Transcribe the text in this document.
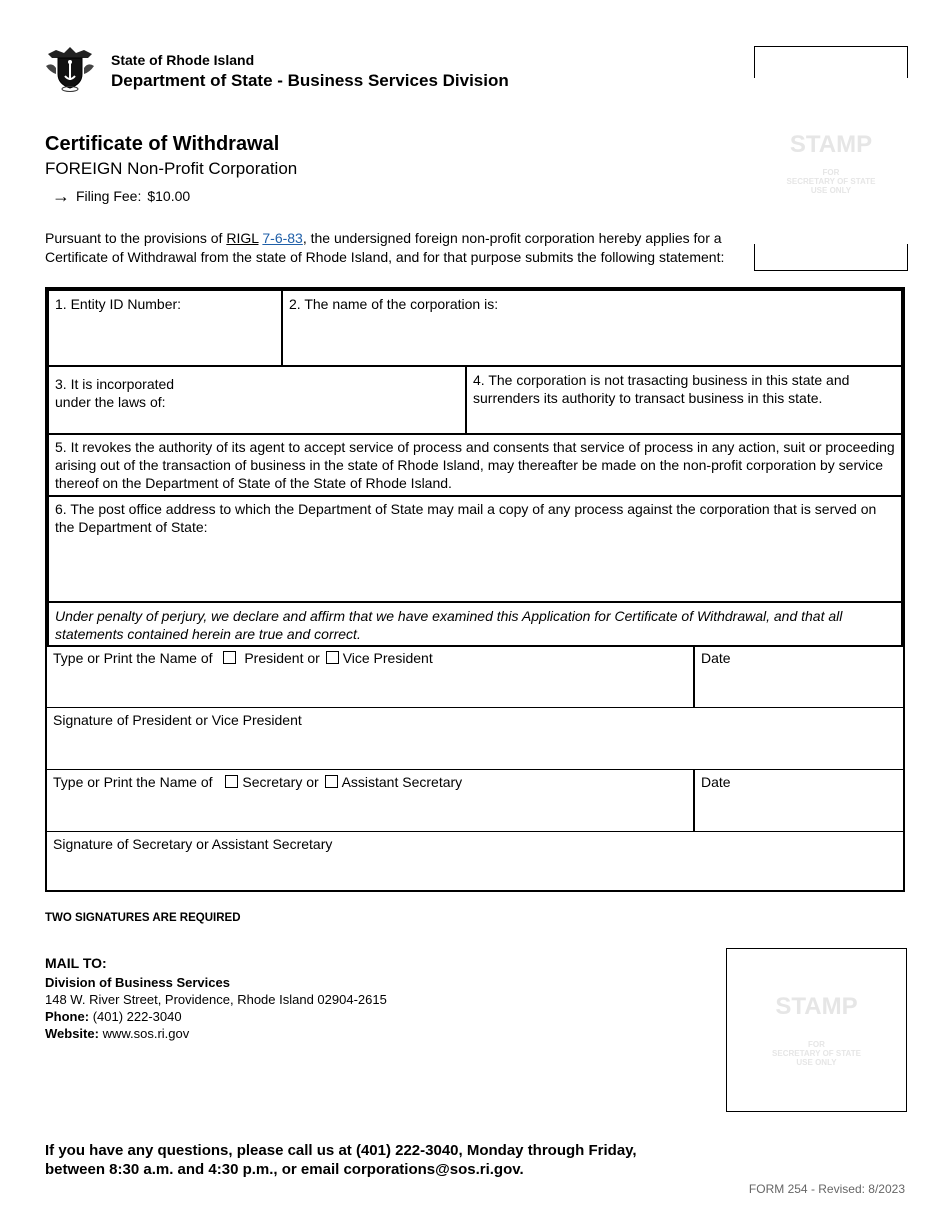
State of Rhode Island
Department of State - Business Services Division
STAMP
FOR
SECRETARY OF STATE
USE ONLY
Certificate of Withdrawal
FOREIGN Non-Profit Corporation
→ Filing Fee: $10.00
Pursuant to the provisions of RIGL 7-6-83, the undersigned foreign non-profit corporation hereby applies for a Certificate of Withdrawal from the state of Rhode Island, and for that purpose submits the following statement:
1. Entity ID Number:	2. The name of the corporation is:
3. It is incorporated
under the laws of:
4. The corporation is not trasacting business in this state and surrenders its authority to transact business in this state.
5. It revokes the authority of its agent to accept service of process and consents that service of process in any action, suit or proceeding arising out of the transaction of business in the state of Rhode Island, may thereafter be made on the non-profit corporation by service thereof on the Department of State of the State of Rhode Island.
6. The post office address to which the Department of State may mail a copy of any process against the corporation that is served on the Department of State:
Under penalty of perjury, we declare and affirm that we have examined this Application for Certificate of Withdrawal, and that all statements contained herein are true and correct.
Type or Print the Name of President or Vice President	Date
Signature of President or Vice President
Type or Print the Name of Secretary or Assistant Secretary	Date
Signature of Secretary or Assistant Secretary
TWO SIGNATURES ARE REQUIRED
MAIL TO:
Division of Business Services
148 W. River Street, Providence, Rhode Island 02904-2615
Phone: (401) 222-3040
Website: www.sos.ri.gov
STAMP
FOR
SECRETARY OF STATE
USE ONLY
If you have any questions, please call us at (401) 222-3040, Monday through Friday,
between 8:30 a.m. and 4:30 p.m., or email corporations@sos.ri.gov.
FORM 254 - Revised: 8/2023
